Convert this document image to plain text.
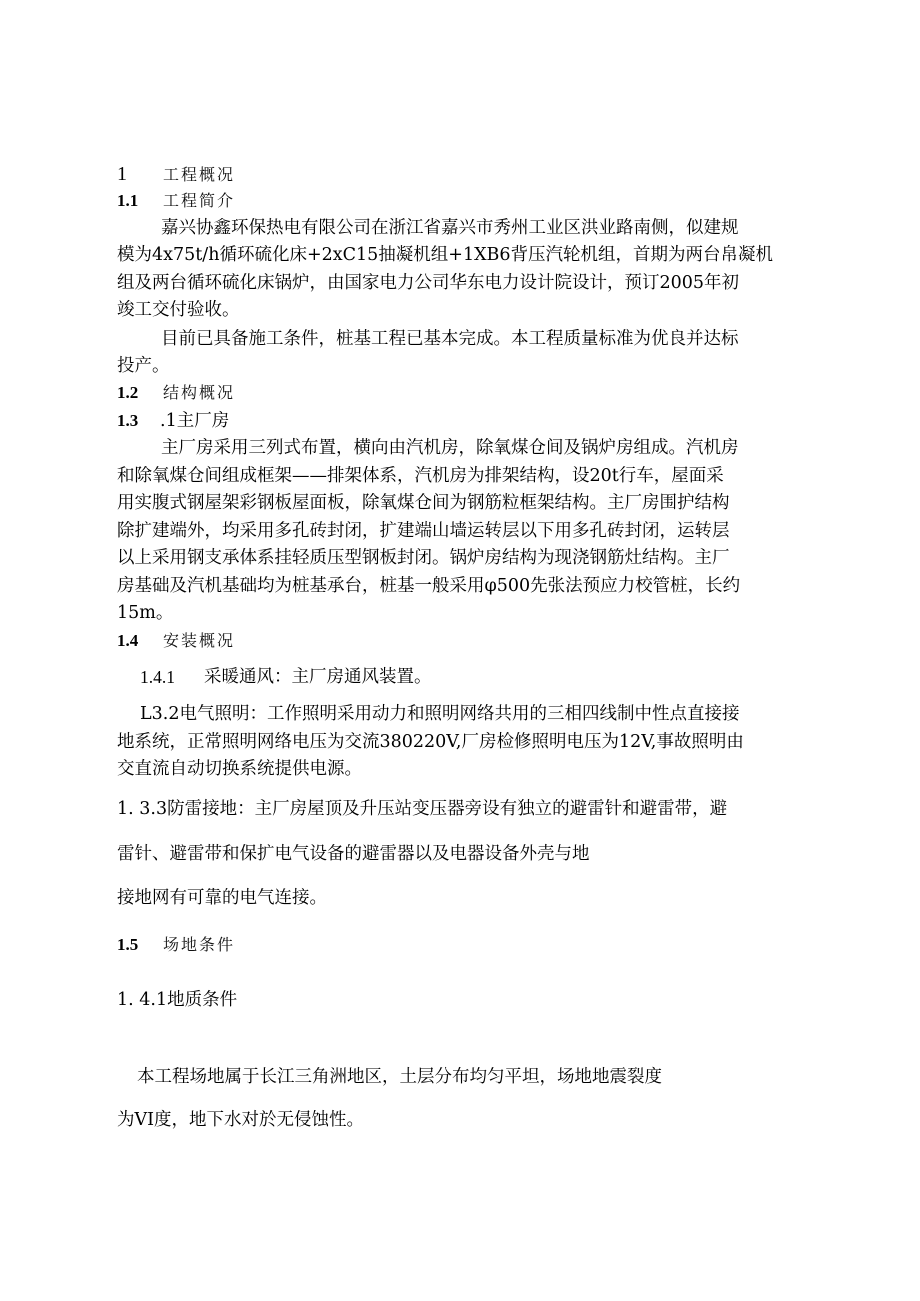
1 工程概况
1.1 工程简介
嘉兴协鑫环保热电有限公司在浙江省嘉兴市秀州工业区洪业路南侧，似建规
模为4x75t/h循环硫化床+2xC15抽凝机组+1XB6背压汽轮机组，首期为两台帛凝机
组及两台循环硫化床锅炉，由国家电力公司华东电力设计院设计，预订2005年初
竣工交付验收。
目前已具备施工条件，桩基工程已基本完成。本工程质量标准为优良并达标
投产。
1.2 结构概况
1.3 .1主厂房
主厂房采用三列式布置，横向由汽机房，除氧煤仓间及锅炉房组成。汽机房
和除氧煤仓间组成框架——排架体系，汽机房为排架结构，设20t行车，屋面采
用实腹式钢屋架彩钢板屋面板，除氧煤仓间为钢筋粒框架结构。主厂房围护结构
除扩建端外，均采用多孔砖封闭，扩建端山墙运转层以下用多孔砖封闭，运转层
以上采用钢支承体系挂轻质压型钢板封闭。锅炉房结构为现浇钢筋灶结构。主厂
房基础及汽机基础均为桩基承台，桩基一般采用φ500先张法预应力校管桩，长约
15m。
1.4 安装概况
1.4.1 采暖通风：主厂房通风装置。
L3.2电气照明：工作照明采用动力和照明网络共用的三相四线制中性点直接接
地系统，正常照明网络电压为交流380220V,厂房检修照明电压为12V,事故照明由
交直流自动切换系统提供电源。
1. 3.3防雷接地：主厂房屋顶及升压站变压器旁设有独立的避雷针和避雷带，避
雷针、避雷带和保扩电气设备的避雷器以及电器设备外壳与地
接地网有可靠的电气连接。
1.5 场地条件
1. 4.1地质条件
本工程场地属于长江三角洲地区，土层分布均匀平坦，场地地震裂度
为VI度，地下水对於无侵蚀性。
